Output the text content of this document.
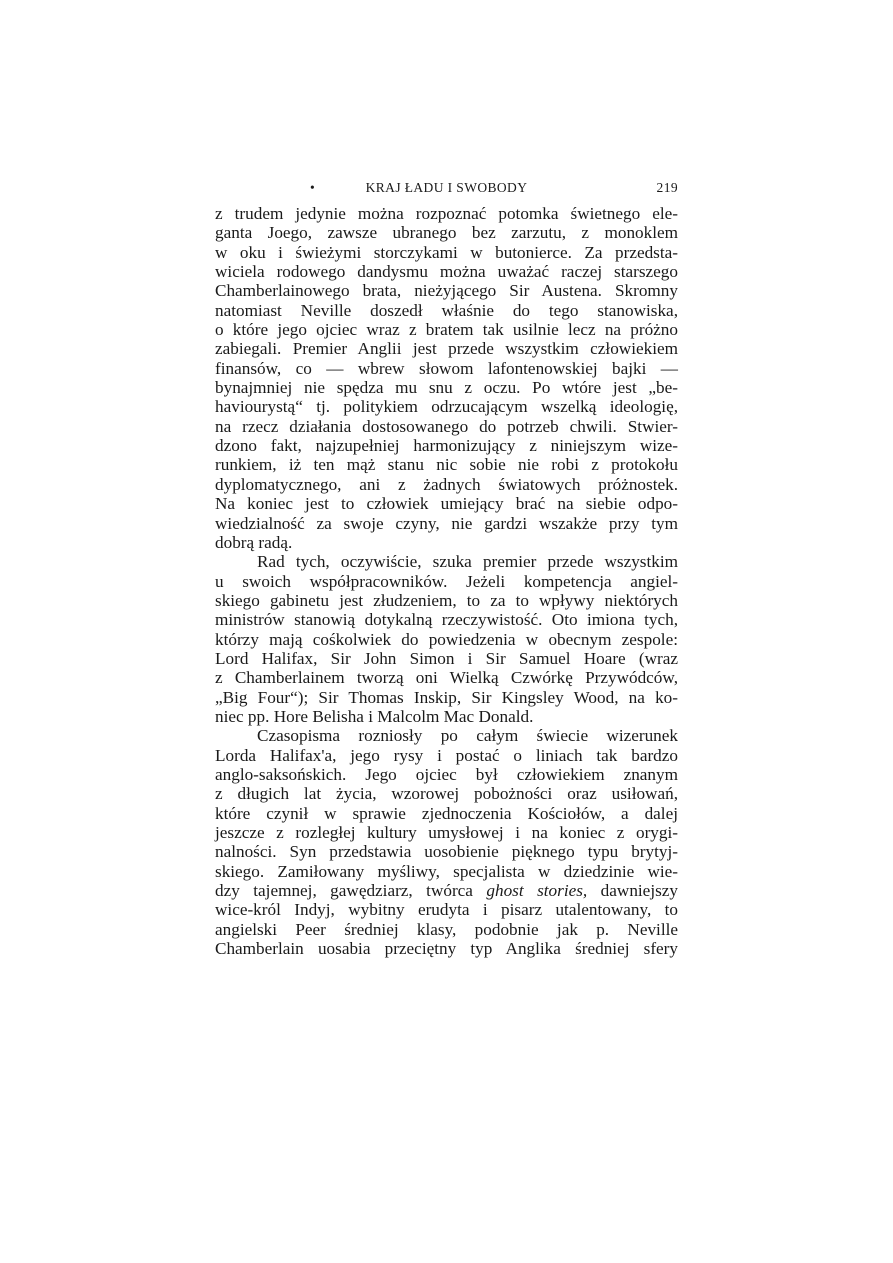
•	KRAJ ŁADU I SWOBODY	219
z trudem jedynie można rozpoznać potomka świetnego ele-
ganta Joego, zawsze ubranego bez zarzutu, z monoklem
w oku i świeżymi storczykami w butonierce. Za przedsta-
wiciela rodowego dandysmu można uważać raczej starszego
Chamberlainowego brata, nieżyjącego Sir Austena. Skromny
natomiast Neville doszedł właśnie do tego stanowiska,
o które jego ojciec wraz z bratem tak usilnie lecz na próżno
zabiegali. Premier Anglii jest przede wszystkim człowiekiem
finansów, co — wbrew słowom lafontenowskiej bajki —
bynajmniej nie spędza mu snu z oczu. Po wtóre jest „be-
haviourystą“ tj. politykiem odrzucającym wszelką ideologię,
na rzecz działania dostosowanego do potrzeb chwili. Stwier-
dzono fakt, najzupełniej harmonizujący z niniejszym wize-
runkiem, iż ten mąż stanu nic sobie nie robi z protokołu
dyplomatycznego, ani z żadnych światowych próżnostek.
Na koniec jest to człowiek umiejący brać na siebie odpo-
wiedzialność za swoje czyny, nie gardzi wszakże przy tym
dobrą radą.
Rad tych, oczywiście, szuka premier przede wszystkim
u swoich współpracowników. Jeżeli kompetencja angiel-
skiego gabinetu jest złudzeniem, to za to wpływy niektórych
ministrów stanowią dotykalną rzeczywistość. Oto imiona tych,
którzy mają cośkolwiek do powiedzenia w obecnym zespole:
Lord Halifax, Sir John Simon i Sir Samuel Hoare (wraz
z Chamberlainem tworzą oni Wielką Czwórkę Przywódców,
„Big Four“); Sir Thomas Inskip, Sir Kingsley Wood, na ko-
niec pp. Hore Belisha i Malcolm Mac Donald.
Czasopisma rozniosły po całym świecie wizerunek
Lorda Halifax'a, jego rysy i postać o liniach tak bardzo
anglo-saksońskich. Jego ojciec był człowiekiem znanym
z długich lat życia, wzorowej pobożności oraz usiłowań,
które czynił w sprawie zjednoczenia Kościołów, a dalej
jeszcze z rozległej kultury umysłowej i na koniec z orygi-
nalności. Syn przedstawia uosobienie pięknego typu brytyj-
skiego. Zamiłowany myśliwy, specjalista w dziedzinie wie-
dzy tajemnej, gawędziarz, twórca ghost stories, dawniejszy
wice-król Indyj, wybitny erudyta i pisarz utalentowany, to
angielski Peer średniej klasy, podobnie jak p. Neville
Chamberlain uosabia przeciętny typ Anglika średniej sfery
